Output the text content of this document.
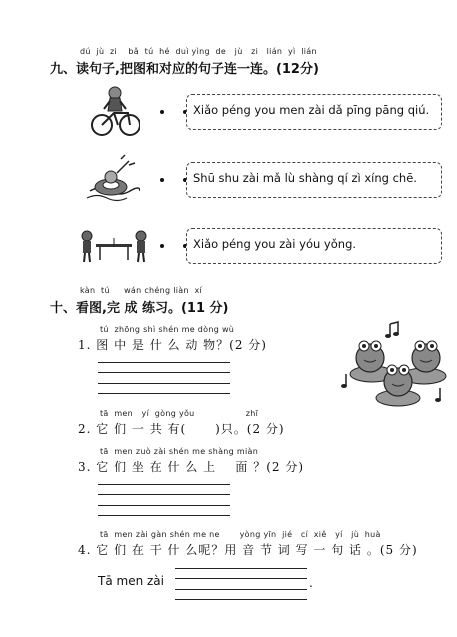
dú  jù  zi    bǎ  tú  hé  duì yìng  de   jù   zi   lián  yì  lián
九、读句子,把图和对应的句子连一连。(12分)
Xiǎo péng you men zài dǎ pīng pāng qiú.
Shū shu zài mǎ lù shàng qí zì xíng chē.
Xiǎo péng you zài yóu yǒng.
kàn  tú     wán chéng liàn  xí
十、看图,完 成 练习。(11 分)
tú  zhōng shì shén me dòng wù
1. 图 中 是 什 么 动 物？(2 分)
tā  men   yí  gòng yǒu                  zhī
2. 它 们 一 共 有(      )只。(2 分)
tā  men zuò zài shén me shàng miàn
3. 它 们 坐 在 什 么 上    面 ？(2 分)
tā  men zài gàn shén me ne       yòng yīn  jié   cí  xiě   yí   jù  huà
4. 它 们 在 干 什 么呢？用 音 节 词 写 一 句 话 。(5 分)
Tā men zài	.
